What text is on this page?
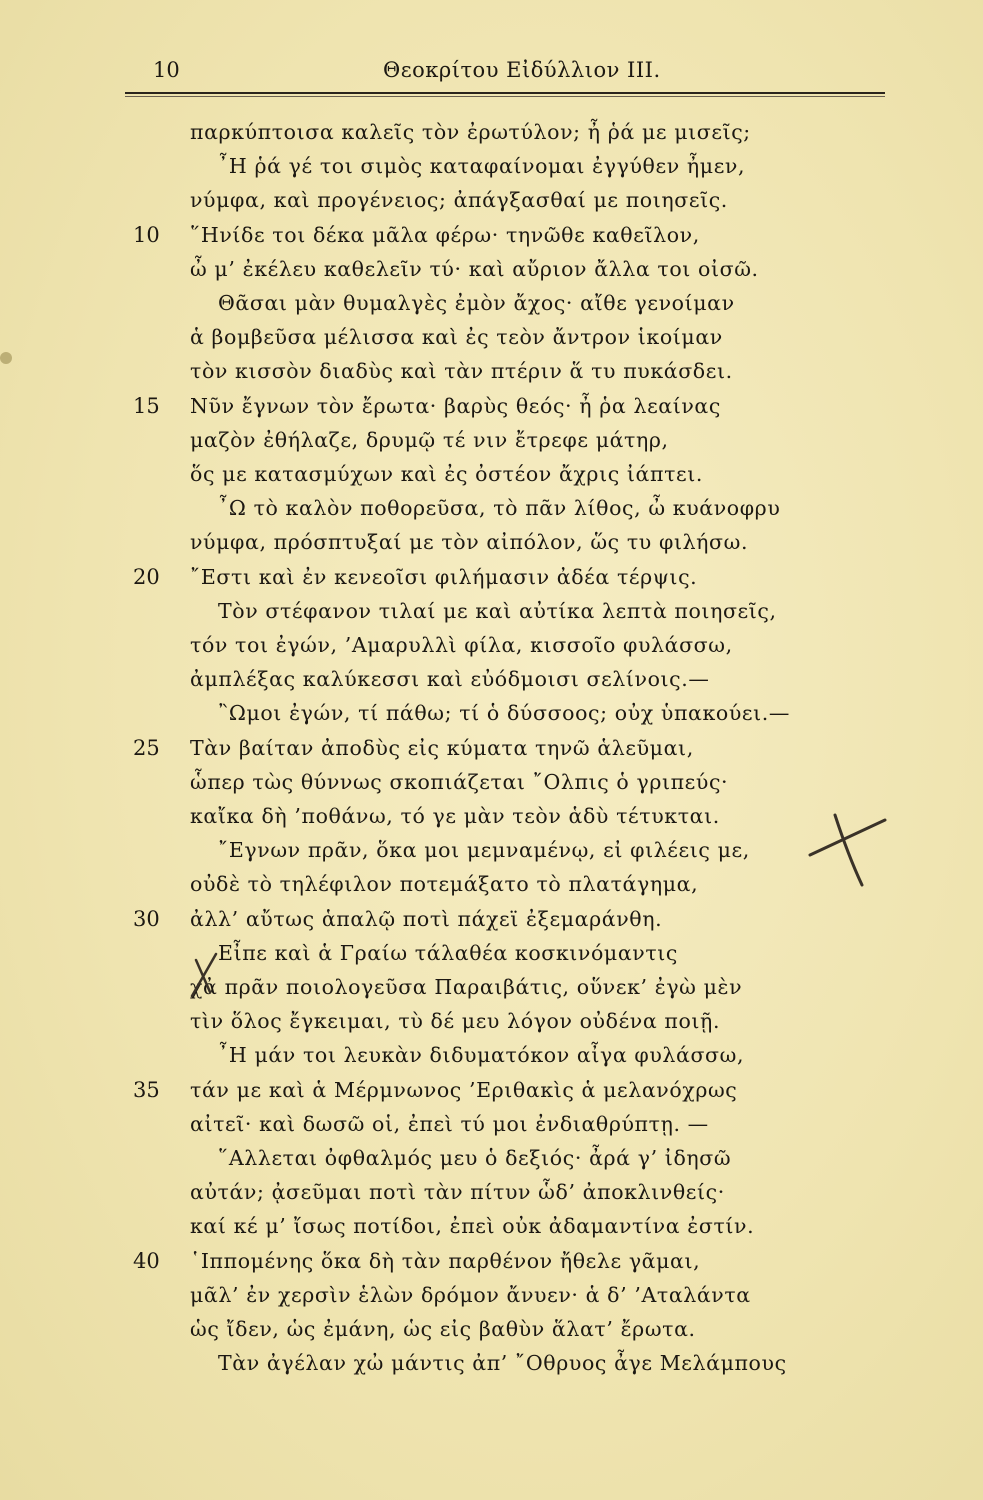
10	Θεοκρίτου Εἰδύλλιον III.
παρκύπτοισα καλεῖς τὸν ἐρωτύλον; ἦ ῥά με μισεῖς;
῏Η ῥά γέ τοι σιμὸς καταφαίνομαι ἐγγύθεν ἦμεν,
νύμφα, καὶ προγένειος; ἀπάγξασθαί με ποιησεῖς.
῞Ηνίδε τοι δέκα μᾶλα φέρω· τηνῶθε καθεῖλον,
10
ὦ μ’ ἐκέλευ καθελεῖν τύ· καὶ αὔριον ἄλλα τοι οἰσῶ.
Θᾶσαι μὰν θυμαλγὲς ἐμὸν ἄχος· αἴθε γενοίμαν
ἁ βομβεῦσα μέλισσα καὶ ἐς τεὸν ἄντρον ἱκοίμαν
τὸν κισσὸν διαδὺς καὶ τὰν πτέριν ἅ τυ πυκάσδει.
Νῦν ἔγνων τὸν ἔρωτα· βαρὺς θεός· ἦ ῥα λεαίνας
15
μαζὸν ἐθήλαζε, δρυμῷ τέ νιν ἔτρεφε μάτηρ,
ὅς με κατασμύχων καὶ ἐς ὀστέον ἄχρις ἰάπτει.
῏Ω τὸ καλὸν ποθορεῦσα, τὸ πᾶν λίθος, ὦ κυάνοφρυ
νύμφα, πρόσπτυξαί με τὸν αἰπόλον, ὥς τυ φιλήσω.
῎Εστι καὶ ἐν κενεοῖσι φιλήμασιν ἀδέα τέρψις.
20
Τὸν στέφανον τιλαί με καὶ αὐτίκα λεπτὰ ποιησεῖς,
τόν τοι ἐγών, ’Αμαρυλλὶ φίλα, κισσοῖο φυλάσσω,
ἀμπλέξας καλύκεσσι καὶ εὐόδμοισι σελίνοις.—
῍Ωμοι ἐγών, τί πάθω; τί ὁ δύσσοος; οὐχ ὑπακούει.—
Τὰν βαίταν ἀποδὺς εἰς κύματα τηνῶ ἁλεῦμαι,
25
ὧπερ τὼς θύννως σκοπιάζεται ῎Ολπις ὁ γριπεύς·
καἴκα δὴ ’ποθάνω, τό γε μὰν τεὸν ἁδὺ τέτυκται.
῎Εγνων πρᾶν, ὅκα μοι μεμναμένῳ, εἰ φιλέεις με,
οὐδὲ τὸ τηλέφιλον ποτεμάξατο τὸ πλατάγημα,
ἀλλ’ αὔτως ἁπαλῷ ποτὶ πάχεϊ ἐξεμαράνθη.
30
Εἶπε καὶ ἁ Γραίω τάλαθέα κοσκινόμαντις
χἀ πρᾶν ποιολογεῦσα Παραιβάτις, οὕνεκ’ ἐγὼ μὲν
τὶν ὅλος ἔγκειμαι, τὺ δέ μευ λόγον οὐδένα ποιῇ.
῏Η μάν τοι λευκὰν διδυματόκον αἶγα φυλάσσω,
τάν με καὶ ἁ Μέρμνωνος ’Εριθακὶς ἁ μελανόχρως
35
αἰτεῖ· καὶ δωσῶ οἱ, ἐπεὶ τύ μοι ἐνδιαθρύπτῃ. —
῞Αλλεται ὀφθαλμός μευ ὁ δεξιός· ἆρά γ’ ἰδησῶ
αὐτάν; ᾀσεῦμαι ποτὶ τὰν πίτυν ὧδ’ ἀποκλινθείς·
καί κέ μ’ ἴσως ποτίδοι, ἐπεὶ οὐκ ἀδαμαντίνα ἐστίν.
῾Ιππομένης ὅκα δὴ τὰν παρθένον ἤθελε γᾶμαι,
40
μᾶλ’ ἐν χερσὶν ἑλὼν δρόμον ἄνυεν· ἁ δ’ ’Αταλάντα
ὡς ἴδεν, ὡς ἐμάνη, ὡς εἰς βαθὺν ἅλατ’ ἔρωτα.
Τὰν ἀγέλαν χὠ μάντις ἀπ’ ῎Οθρυος ἆγε Μελάμπους
